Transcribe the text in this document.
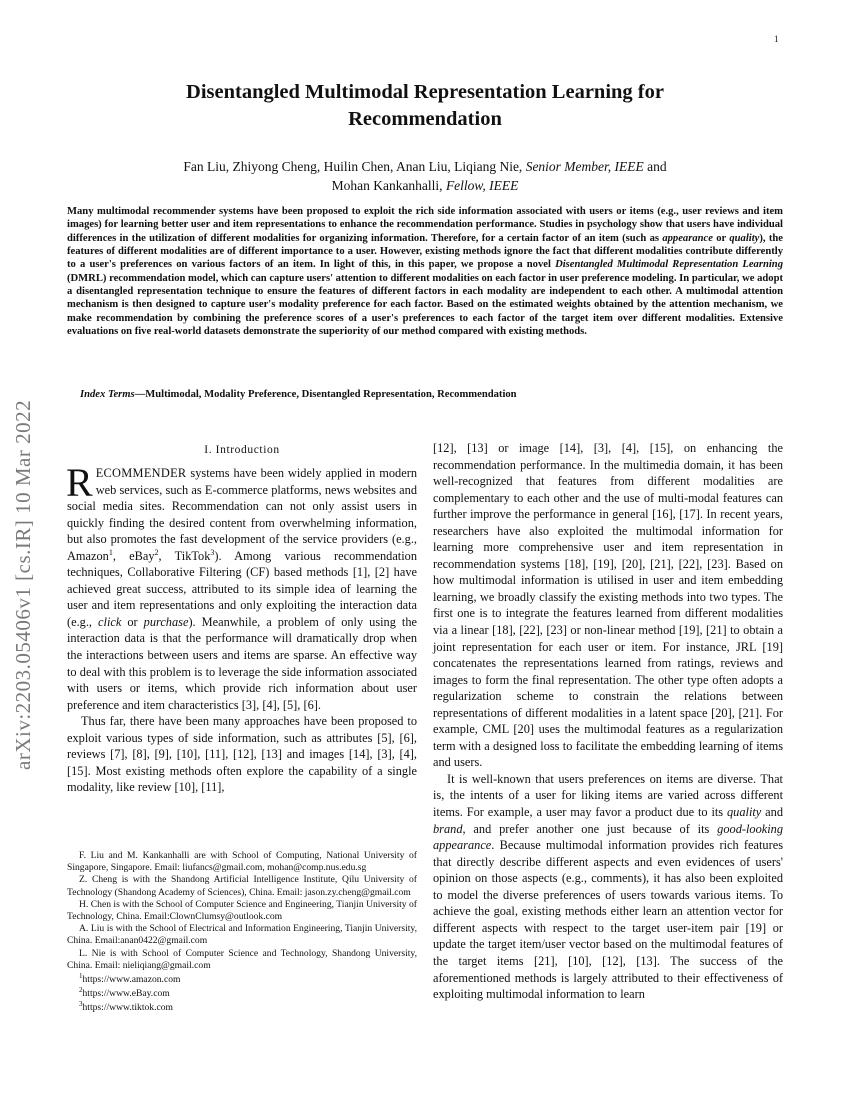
1
arXiv:2203.05406v1 [cs.IR] 10 Mar 2022
Disentangled Multimodal Representation Learning for Recommendation
Fan Liu, Zhiyong Cheng, Huilin Chen, Anan Liu, Liqiang Nie, Senior Member, IEEE and
Mohan Kankanhalli, Fellow, IEEE
Many multimodal recommender systems have been proposed to exploit the rich side information associated with users or items (e.g., user reviews and item images) for learning better user and item representations to enhance the recommendation performance. Studies in psychology show that users have individual differences in the utilization of different modalities for organizing information. Therefore, for a certain factor of an item (such as appearance or quality), the features of different modalities are of different importance to a user. However, existing methods ignore the fact that different modalities contribute differently to a user's preferences on various factors of an item. In light of this, in this paper, we propose a novel Disentangled Multimodal Representation Learning (DMRL) recommendation model, which can capture users' attention to different modalities on each factor in user preference modeling. In particular, we adopt a disentangled representation technique to ensure the features of different factors in each modality are independent to each other. A multimodal attention mechanism is then designed to capture user's modality preference for each factor. Based on the estimated weights obtained by the attention mechanism, we make recommendation by combining the preference scores of a user's preferences to each factor of the target item over different modalities. Extensive evaluations on five real-world datasets demonstrate the superiority of our method compared with existing methods.
Index Terms—Multimodal, Modality Preference, Disentangled Representation, Recommendation
I. Introduction

RECOMMENDER systems have been widely applied in modern web services, such as E-commerce platforms, news websites and social media sites. Recommendation can not only assist users in quickly finding the desired content from overwhelming information, but also promotes the fast development of the service providers (e.g., Amazon$^1$, eBay$^2$, TikTok$^3$). Among various recommendation techniques, Collaborative Filtering (CF) based methods [1], [2] have achieved great success, attributed to its simple idea of learning the user and item representations and only exploiting the interaction data (e.g., click or purchase). Meanwhile, a problem of only using the interaction data is that the performance will dramatically drop when the interactions between users and items are sparse. An effective way to deal with this problem is to leverage the side information associated with users or items, which provide rich information about user preference and item characteristics [3], [4], [5], [6].

Thus far, there have been many approaches have been proposed to exploit various types of side information, such as attributes [5], [6], reviews [7], [8], [9], [10], [11], [12], [13] and images [14], [3], [4], [15]. Most existing methods often explore the capability of a single modality, like review [10], [11],

[12], [13] or image [14], [3], [4], [15], on enhancing the recommendation performance. In the multimedia domain, it has been well-recognized that features from different modalities are complementary to each other and the use of multi-modal features can further improve the performance in general [16], [17]. In recent years, researchers have also exploited the multimodal information for learning more comprehensive user and item representation in recommendation systems [18], [19], [20], [21], [22], [23]. Based on how multimodal information is utilised in user and item embedding learning, we broadly classify the existing methods into two types. The first one is to integrate the features learned from different modalities via a linear [18], [22], [23] or non-linear method [19], [21] to obtain a joint representation for each user or item. For instance, JRL [19] concatenates the representations learned from ratings, reviews and images to form the final representation. The other type often adopts a regularization scheme to constrain the relations between representations of different modalities in a latent space [20], [21]. For example, CML [20] uses the multimodal features as a regularization term with a designed loss to facilitate the embedding learning of items and users.

It is well-known that users preferences on items are diverse. That is, the intents of a user for liking items are varied across different items. For example, a user may favor a product due to its quality and brand, and prefer another one just because of its good-looking appearance. Because multimodal information provides rich features that directly describe different aspects and even evidences of users' opinion on those aspects (e.g., comments), it has also been exploited to model the diverse preferences of users towards various items. To achieve the goal, existing methods either learn an attention vector for different aspects with respect to the target user-item pair [19] or update the target item/user vector based on the multimodal features of the target items [21], [10], [12], [13]. The success of the aforementioned methods is largely attributed to their effectiveness of exploiting multimodal information to learn

F. Liu and M. Kankanhalli are with School of Computing, National University of Singapore, Singapore. Email: liufancs@gmail.com, mohan@comp.nus.edu.sg

Z. Cheng is with the Shandong Artificial Intelligence Institute, Qilu University of Technology (Shandong Academy of Sciences), China. Email: jason.zy.cheng@gmail.com

H. Chen is with the School of Computer Science and Engineering, Tianjin University of Technology, China. Email:ClownClumsy@outlook.com

A. Liu is with the School of Electrical and Information Engineering, Tianjin University, China. Email:anan0422@gmail.com

L. Nie is with School of Computer Science and Technology, Shandong University, China. Email: nieliqiang@gmail.com

$^1$https://www.amazon.com

$^2$https://www.eBay.com

$^3$https://www.tiktok.com
